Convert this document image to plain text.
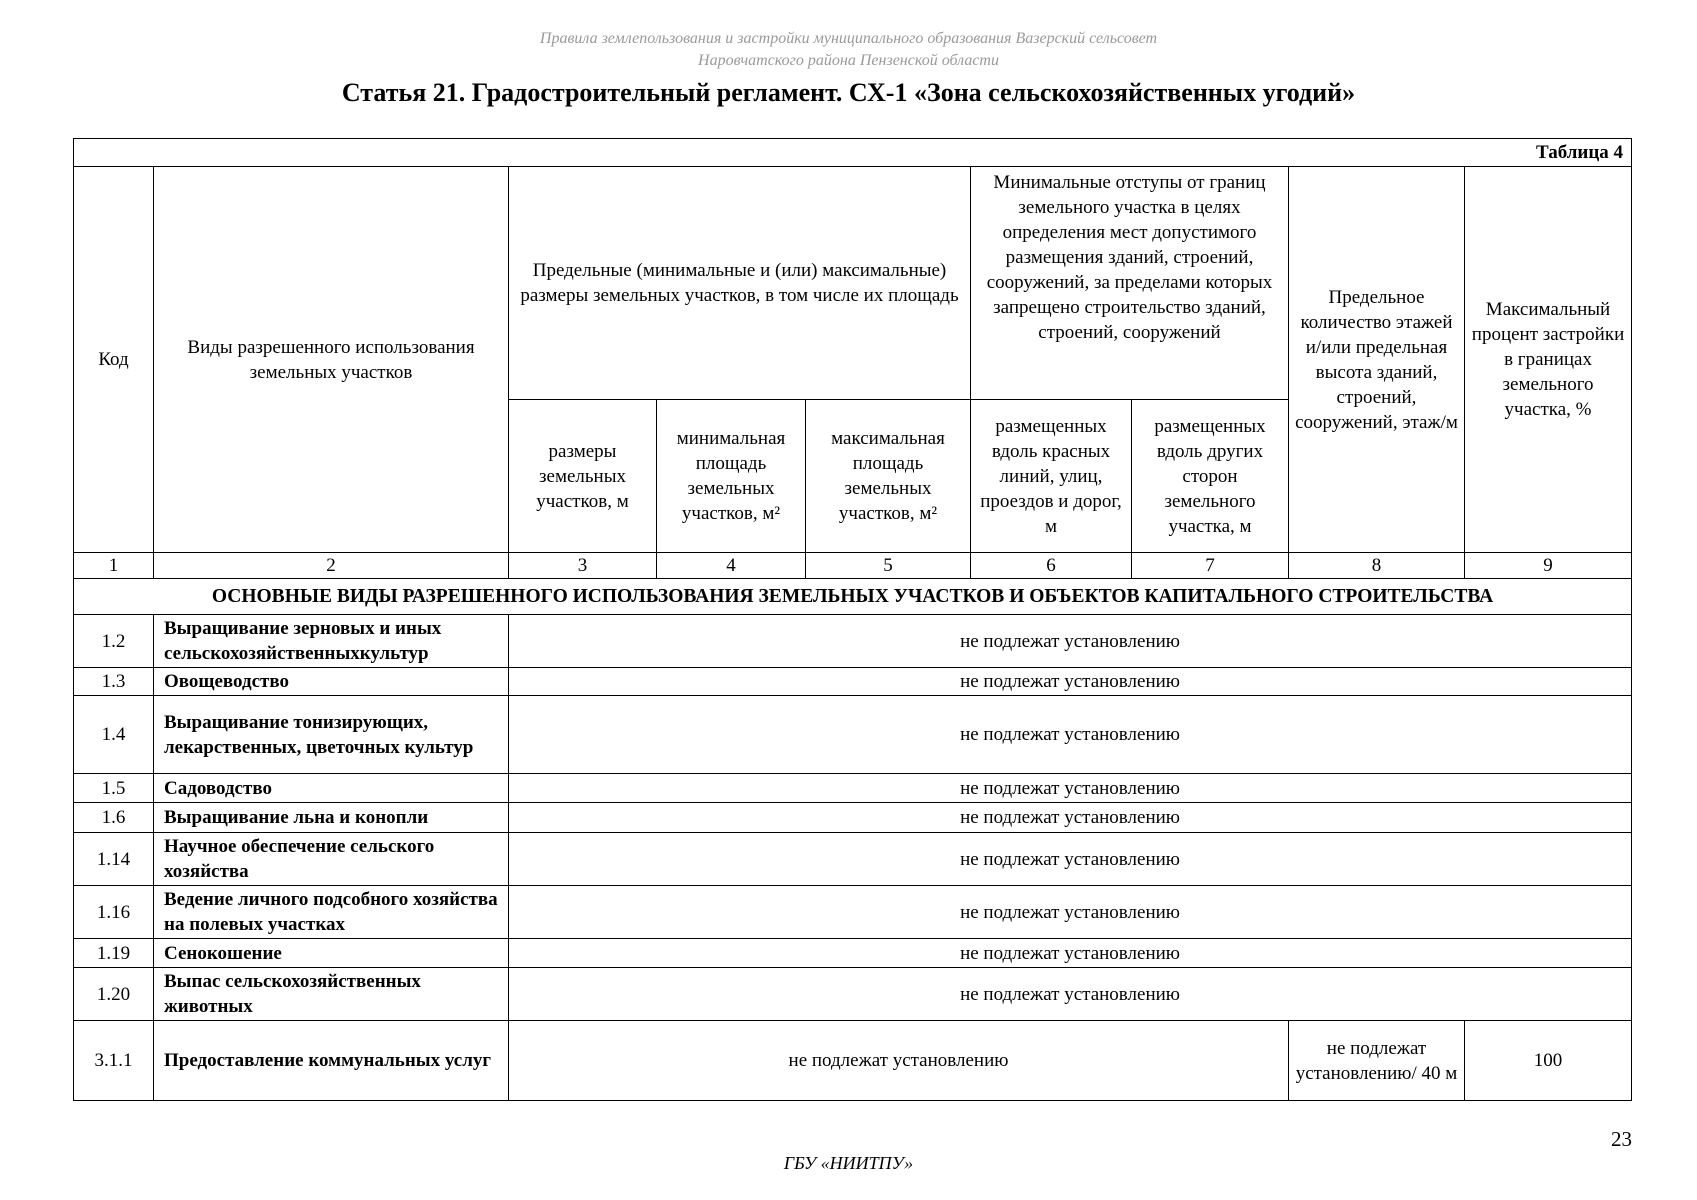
Правила землепользования и застройки муниципального образования Вазерский сельсовет
Наровчатского района Пензенской области
Статья 21. Градостроительный регламент. СХ-1 «Зона сельскохозяйственных угодий»
Таблица 4								
Код	Виды разрешенного использования земельных участков	Предельные (минимальные и (или) максимальные) размеры земельных участков, в том числе их площадь			Минимальные отступы от границ земельного участка в целях определения мест допустимого размещения зданий, строений, сооружений, за пределами которых запрещено строительство зданий, строений, сооружений		Предельное количество этажей и/или предельная высота зданий, строений, сооружений, этаж/м	Максимальный процент застройки в границах земельного участка, %
		размеры земельных участков, м	минимальная площадь земельных участков, м²	максимальная площадь земельных участков, м²	размещенных вдоль красных линий, улиц, проездов и дорог, м	размещенных вдоль других сторон земельного участка, м		
1	2	3	4	5	6	7	8	9
ОСНОВНЫЕ ВИДЫ РАЗРЕШЕННОГО ИСПОЛЬЗОВАНИЯ ЗЕМЕЛЬНЫХ УЧАСТКОВ И ОБЪЕКТОВ КАПИТАЛЬНОГО СТРОИТЕЛЬСТВА								
1.2	Выращивание зерновых и иных сельскохозяйственныхкультур	не подлежат установлению						
1.3	Овощеводство	не подлежат установлению						
1.4	Выращивание тонизирующих, лекарственных, цветочных культур	не подлежат установлению						
1.5	Садоводство	не подлежат установлению						
1.6	Выращивание льна и конопли	не подлежат установлению						
1.14	Научное обеспечение сельского хозяйства	не подлежат установлению						
1.16	Ведение личного подсобного хозяйства на полевых участках	не подлежат установлению						
1.19	Сенокошение	не подлежат установлению						
1.20	Выпас сельскохозяйственных животных	не подлежат установлению						
3.1.1	Предоставление коммунальных услуг	не подлежат установлению					не подлежат установлению/ 40 м	100
23
ГБУ «НИИТПУ»
